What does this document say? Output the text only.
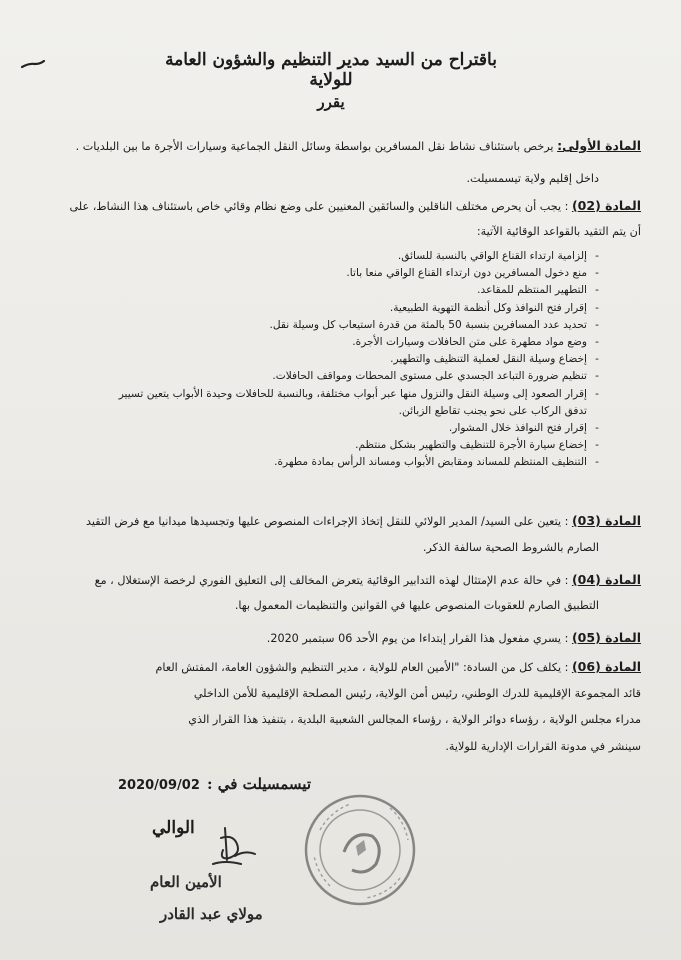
باقتراح من السيد مدير التنظيم والشؤون العامة للولاية
يقرر
المادة الأولى: يرخص باستئناف نشاط نقل المسافرين بواسطة وسائل النقل الجماعية وسيارات الأجرة ما بين البلديات .
داخل إقليم ولاية تيسمسيلت.
المادة (02) : يجب أن يحرص مختلف الناقلين والسائقين المعنيين على وضع نظام وقائي خاص باستئناف هذا النشاط، على
أن يتم التقيد بالقواعد الوقائية الآتية:
- إلزامية ارتداء القناع الواقي بالنسبة للسائق.
- منع دخول المسافرين دون ارتداء القناع الواقي منعا باتا.
- التطهير المنتظم للمقاعد.
- إقرار فتح النوافذ وكل أنظمة التهوية الطبيعية.
- تحديد عدد المسافرين بنسبة 50 بالمئة من قدرة استيعاب كل وسيلة نقل.
- وضع مواد مطهرة على متن الحافلات وسيارات الأجرة.
- إخضاع وسيلة النقل لعملية التنظيف والتطهير.
- تنظيم ضرورة التباعد الجسدي على مستوى المحطات ومواقف الحافلات.
- إقرار الصعود إلى وسيلة النقل والنزول منها عبر أبواب مختلفة، وبالنسبة للحافلات وحيدة الأبواب يتعين تسيير تدفق الركاب على نحو يجنب تقاطع الزبائن.
- إقرار فتح النوافذ خلال المشوار.
- إخضاع سيارة الأجرة للتنظيف والتطهير بشكل منتظم.
- التنظيف المنتظم للمساند ومقابض الأبواب ومساند الرأس بمادة مطهرة.
المادة (03) : يتعين على السيد/ المدير الولائي للنقل إتخاذ الإجراءات المنصوص عليها وتجسيدها ميدانيا مع فرض التقيد
الصارم بالشروط الصحية سالفة الذكر.
المادة (04) : في حالة عدم الإمتثال لهذه التدابير الوقائية يتعرض المخالف إلى التعليق الفوري لرخصة الإستغلال ، مع
التطبيق الصارم للعقوبات المنصوص عليها في القوانين والتنظيمات المعمول بها.
المادة (05) : يسري مفعول هذا القرار إبتداءا من يوم الأحد 06 سبتمبر 2020.
المادة (06) : يكلف كل من السادة: "الأمين العام للولاية ، مدير التنظيم والشؤون العامة، المفتش العام
قائد المجموعة الإقليمية للدرك الوطني، رئيس أمن الولاية، رئيس المصلحة الإقليمية للأمن الداخلي
مدراء مجلس الولاية ، رؤساء دوائر الولاية ، رؤساء المجالس الشعبية البلدية ، بتنفيذ هذا القرار الذي
سينشر في مدونة القرارات الإدارية للولاية.
تيسمسيلت في :
2020/09/02
الوالي
الأمين العام
مولاي عبد القادر
